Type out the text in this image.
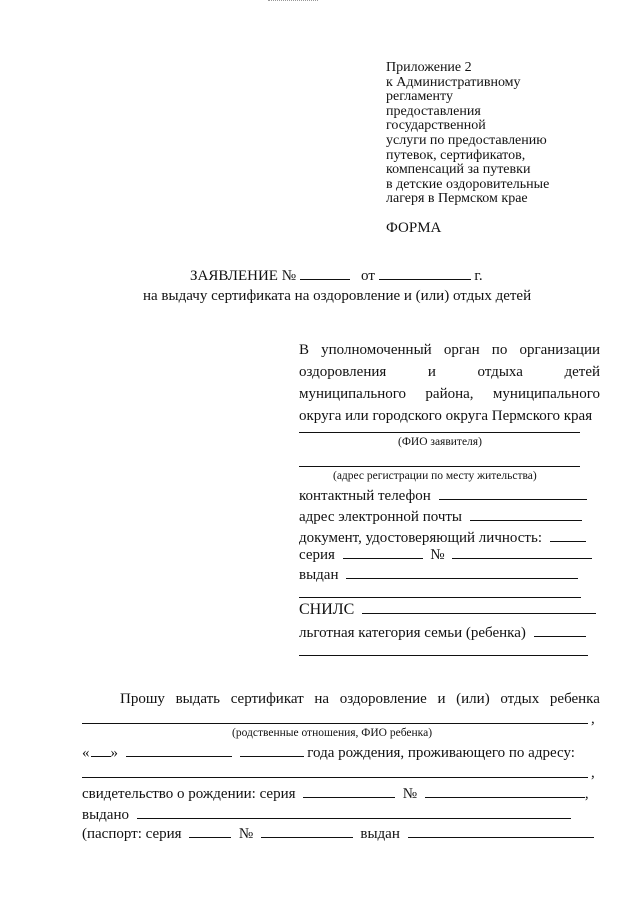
Приложение 2
к Административному
регламенту
предоставления
государственной
услуги по предоставлению
путевок, сертификатов,
компенсаций за путевки
в детские оздоровительные
лагеря в Пермском крае
ФОРМА
ЗАЯВЛЕНИЕ №	от	г.
на выдачу сертификата на оздоровление и (или) отдых детей
В уполномоченный орган по организации
оздоровления и отдыха детей
муниципального района, муниципального
округа или городского округа Пермского края
(ФИО заявителя)
(адрес регистрации по месту жительства)
контактный телефон
адрес электронной почты
документ, удостоверяющий личность:
серия	№
выдан
СНИЛС
льготная категория семьи (ребенка)
Прошу выдать сертификат на оздоровление и (или) отдых ребенка
,
(родственные отношения, ФИО ребенка)
« »	года рождения, проживающего по адресу:
,
свидетельство о рождении: серия	№	,
выдано
(паспорт: серия	№	выдан
